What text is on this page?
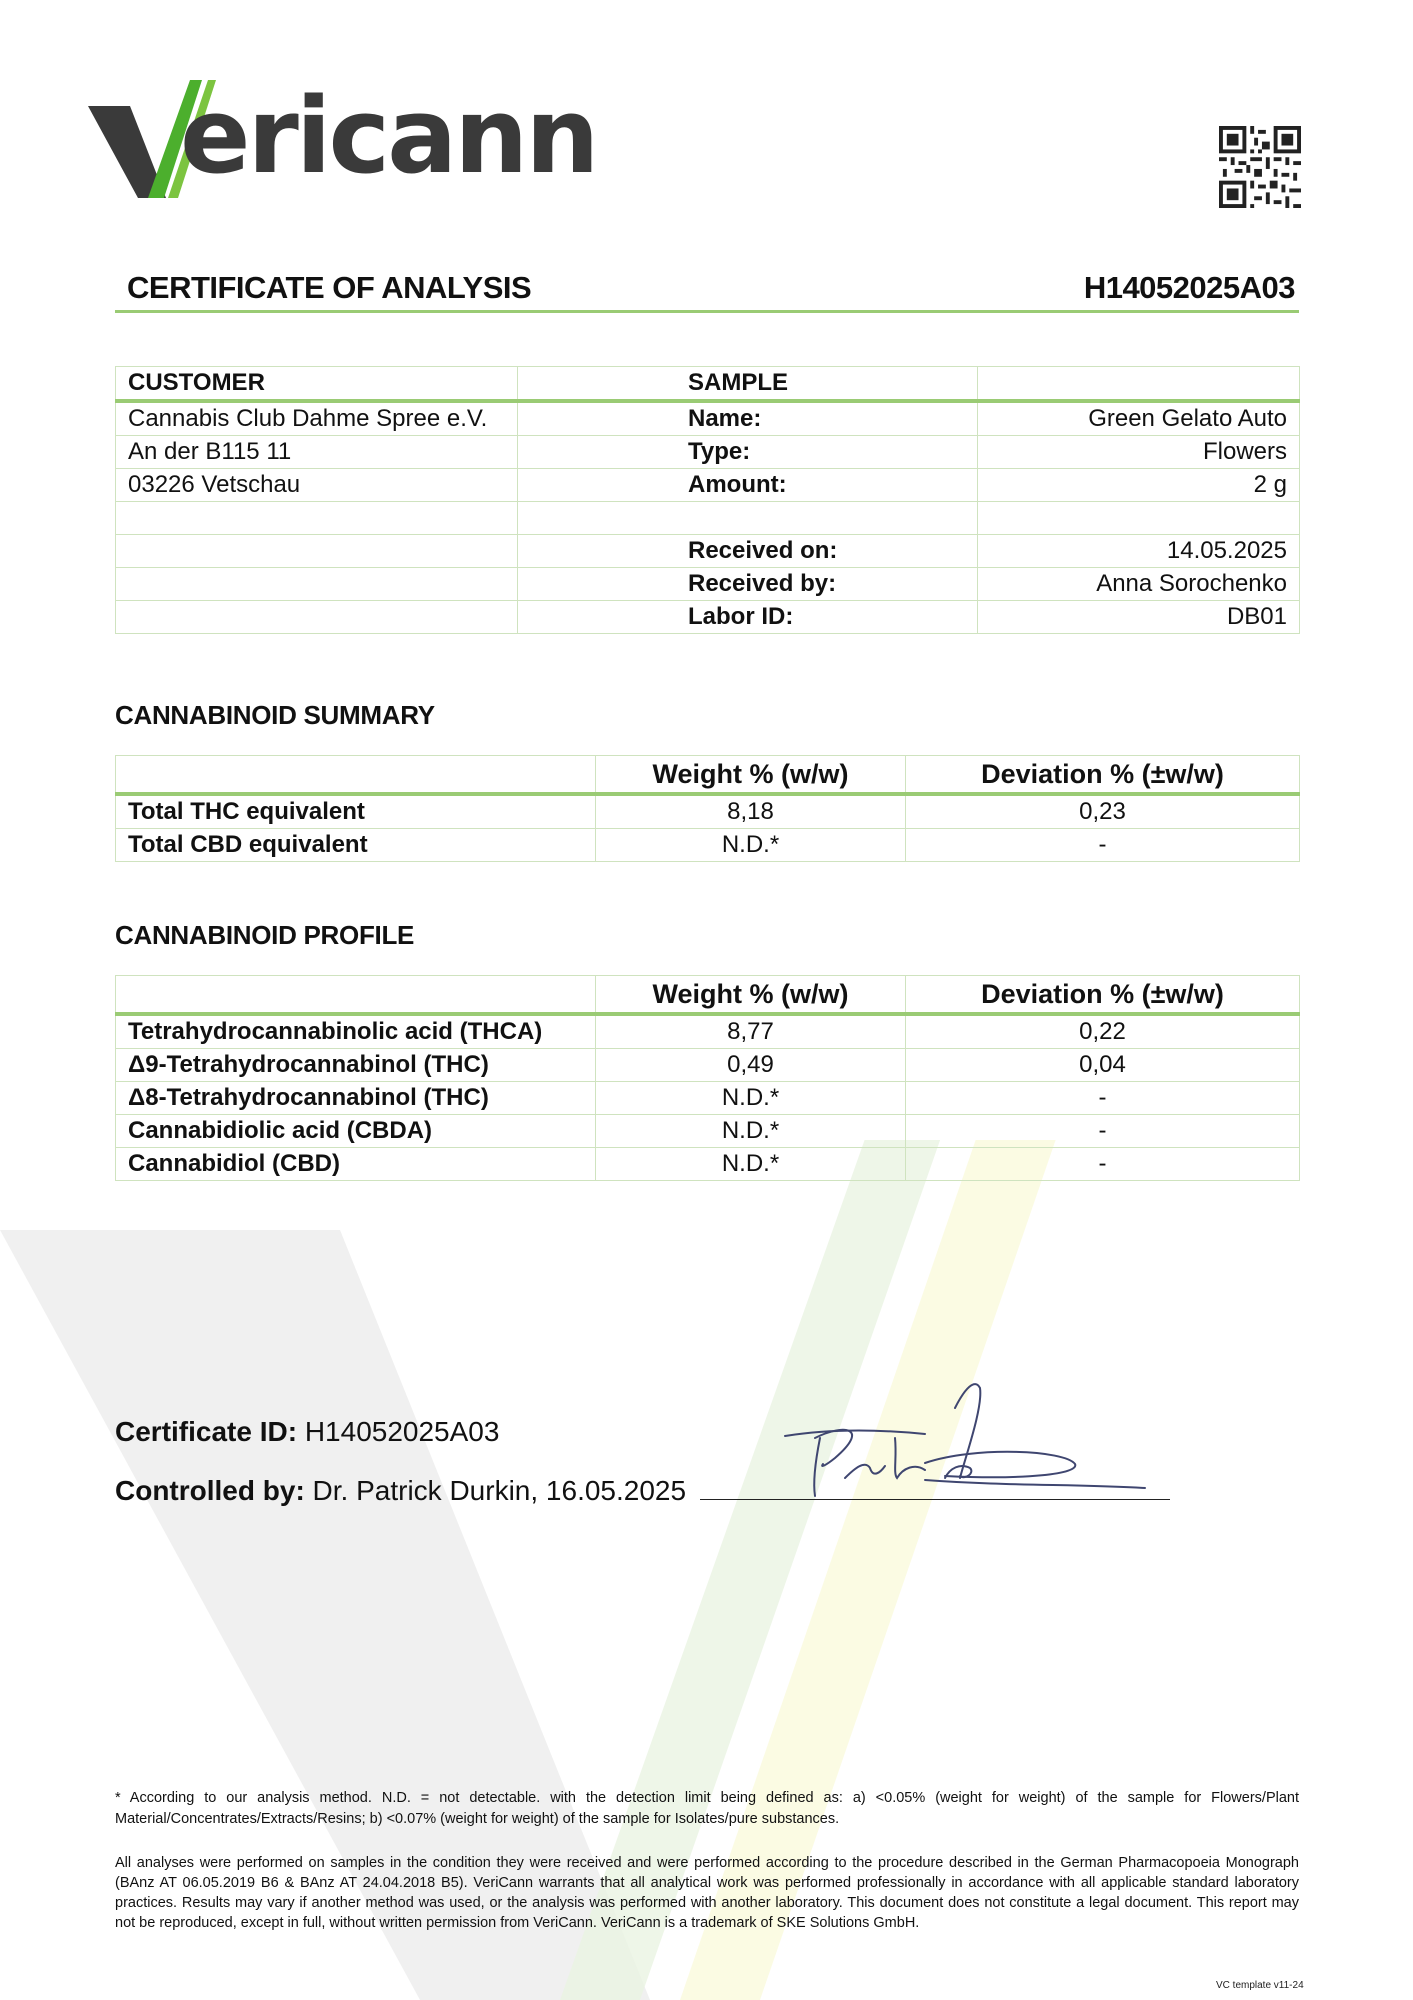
ericann
CERTIFICATE OF ANALYSIS	H14052025A03
CUSTOMER	SAMPLE	
Cannabis Club Dahme Spree e.V.	Name:	Green Gelato Auto
An der B115 11	Type:	Flowers
03226 Vetschau	Amount:	2 g

	Received on:	14.05.2025
	Received by:	Anna Sorochenko
	Labor ID:	DB01
CANNABINOID SUMMARY
	Weight % (w/w)	Deviation % (±w/w)
Total THC equivalent	8,18	0,23
Total CBD equivalent	N.D.*	-
CANNABINOID PROFILE
	Weight % (w/w)	Deviation % (±w/w)
Tetrahydrocannabinolic acid (THCA)	8,77	0,22
Δ9-Tetrahydrocannabinol (THC)	0,49	0,04
Δ8-Tetrahydrocannabinol (THC)	N.D.*	-
Cannabidiolic acid (CBDA)	N.D.*	-
Cannabidiol (CBD)	N.D.*	-
Certificate ID: H14052025A03
Controlled by: Dr. Patrick Durkin, 16.05.2025
* According to our analysis method. N.D. = not detectable. with the detection limit being defined as: a) <0.05% (weight for weight) of the sample for Flowers/Plant Material/Concentrates/Extracts/Resins; b) <0.07% (weight for weight) of the sample for Isolates/pure substances.
All analyses were performed on samples in the condition they were received and were performed according to the procedure described in the German Pharmacopoeia Monograph (BAnz AT 06.05.2019 B6 & BAnz AT 24.04.2018 B5). VeriCann warrants that all analytical work was performed professionally in accordance with all applicable standard laboratory practices. Results may vary if another method was used, or the analysis was performed with another laboratory. This document does not constitute a legal document. This report may not be reproduced, except in full, without written permission from VeriCann. VeriCann is a trademark of SKE Solutions GmbH.
VC template v11-24
